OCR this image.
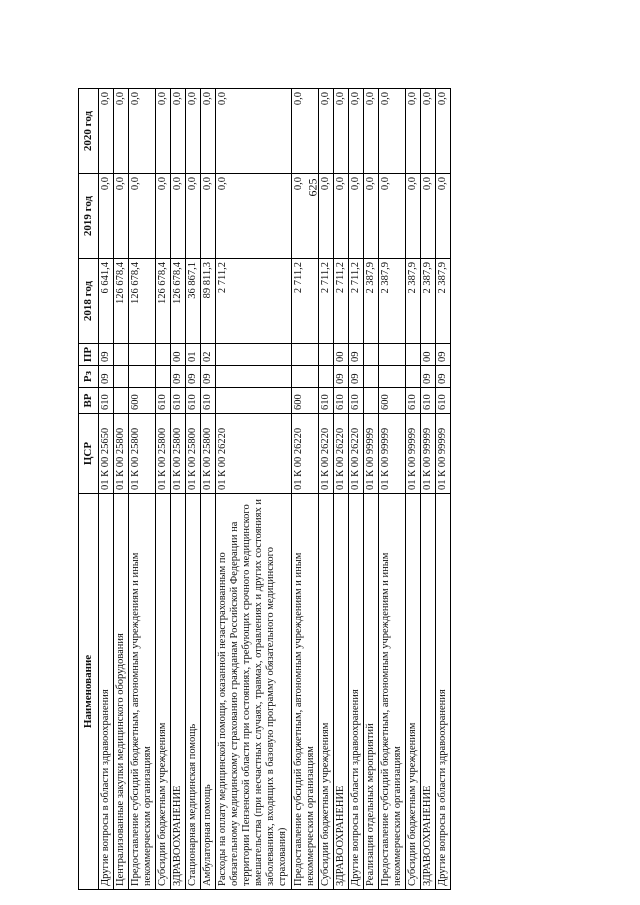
625
Наименование	ЦСР	ВР	Рз	ПР	2018 год	2019 год	2020 год
Другие вопросы в области здравоохранения	01 К 00 25650	610	09	09	6 641,4	0,0	0,0
Централизованные закупки медицинского оборудования	01 К 00 25800				126 678,4	0,0	0,0
Предоставление субсидий бюджетным, автономным учреждениям и иным некоммерческим организациям	01 К 00 25800	600			126 678,4	0,0	0,0
Субсидии бюджетным учреждениям	01 К 00 25800	610			126 678,4	0,0	0,0
ЗДРАВООХРАНЕНИЕ	01 К 00 25800	610	09	00	126 678,4	0,0	0,0
Стационарная медицинская помощь	01 К 00 25800	610	09	01	36 867,1	0,0	0,0
Амбулаторная помощь	01 К 00 25800	610	09	02	89 811,3	0,0	0,0
Расходы на оплату медицинской помощи, оказанной незастрахованным по обязательному медицинскому страхованию гражданам Российской Федерации на территории Пензенской области при состояниях, требующих срочного медицинского вмешательства (при несчастных случаях, травмах, отравлениях и других состояниях и заболеваниях, входящих в базовую программу обязательного медицинского страхования)	01 К 00 26220				2 711,2	0,0	0,0
Предоставление субсидий бюджетным, автономным учреждениям и иным некоммерческим организациям	01 К 00 26220	600			2 711,2	0,0	0,0
Субсидии бюджетным учреждениям	01 К 00 26220	610			2 711,2	0,0	0,0
ЗДРАВООХРАНЕНИЕ	01 К 00 26220	610	09	00	2 711,2	0,0	0,0
Другие вопросы в области здравоохранения	01 К 00 26220	610	09	09	2 711,2	0,0	0,0
Реализация отдельных мероприятий	01 К 00 99999				2 387,9	0,0	0,0
Предоставление субсидий бюджетным, автономным учреждениям и иным некоммерческим организациям	01 К 00 99999	600			2 387,9	0,0	0,0
Субсидии бюджетным учреждениям	01 К 00 99999	610			2 387,9	0,0	0,0
ЗДРАВООХРАНЕНИЕ	01 К 00 99999	610	09	00	2 387,9	0,0	0,0
Другие вопросы в области здравоохранения	01 К 00 99999	610	09	09	2 387,9	0,0	0,0
